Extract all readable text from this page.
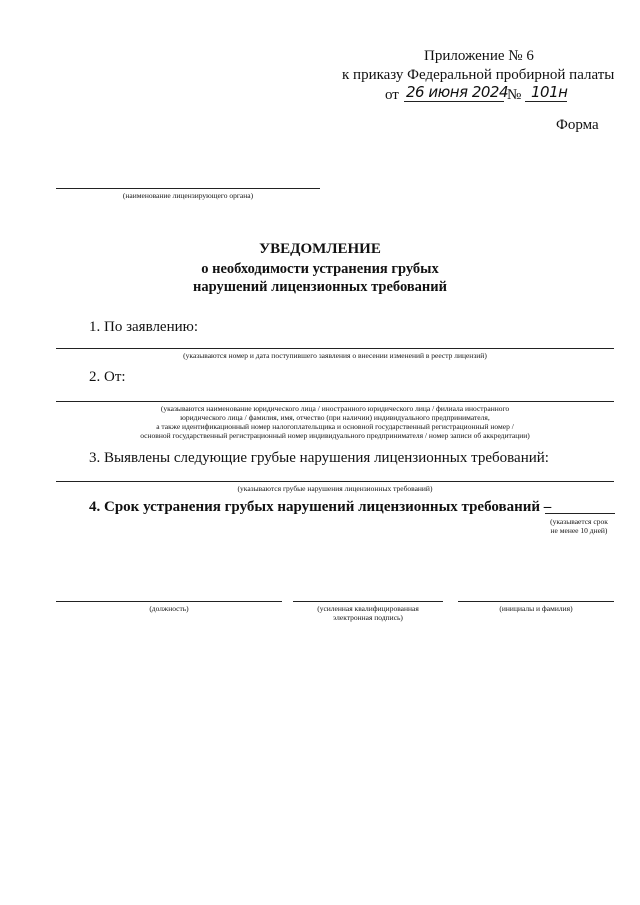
Приложение № 6
к приказу Федеральной пробирной палаты
от 26 июня 2024
№ 101н
Форма
(наименование лицензирующего органа)
УВЕДОМЛЕНИЕ
о необходимости устранения грубых
нарушений лицензионных требований
1. По заявлению:
(указываются номер и дата поступившего заявления о внесении изменений в реестр лицензий)
2. От:
(указываются наименование юридического лица / иностранного юридического лица / филиала иностранного
юридического лица / фамилия, имя, отчество (при наличии) индивидуального предпринимателя,
а также идентификационный номер налогоплательщика и основной государственный регистрационный номер /
основной государственный регистрационный номер индивидуального предпринимателя / номер записи об аккредитации)
3. Выявлены следующие грубые нарушения лицензионных требований:
(указываются грубые нарушения лицензионных требований)
4. Срок устранения грубых нарушений лицензионных требований –
(указывается срок
не менее 10 дней)
(должность)	(усиленная квалифицированная
электронная подпись)
(инициалы и фамилия)
